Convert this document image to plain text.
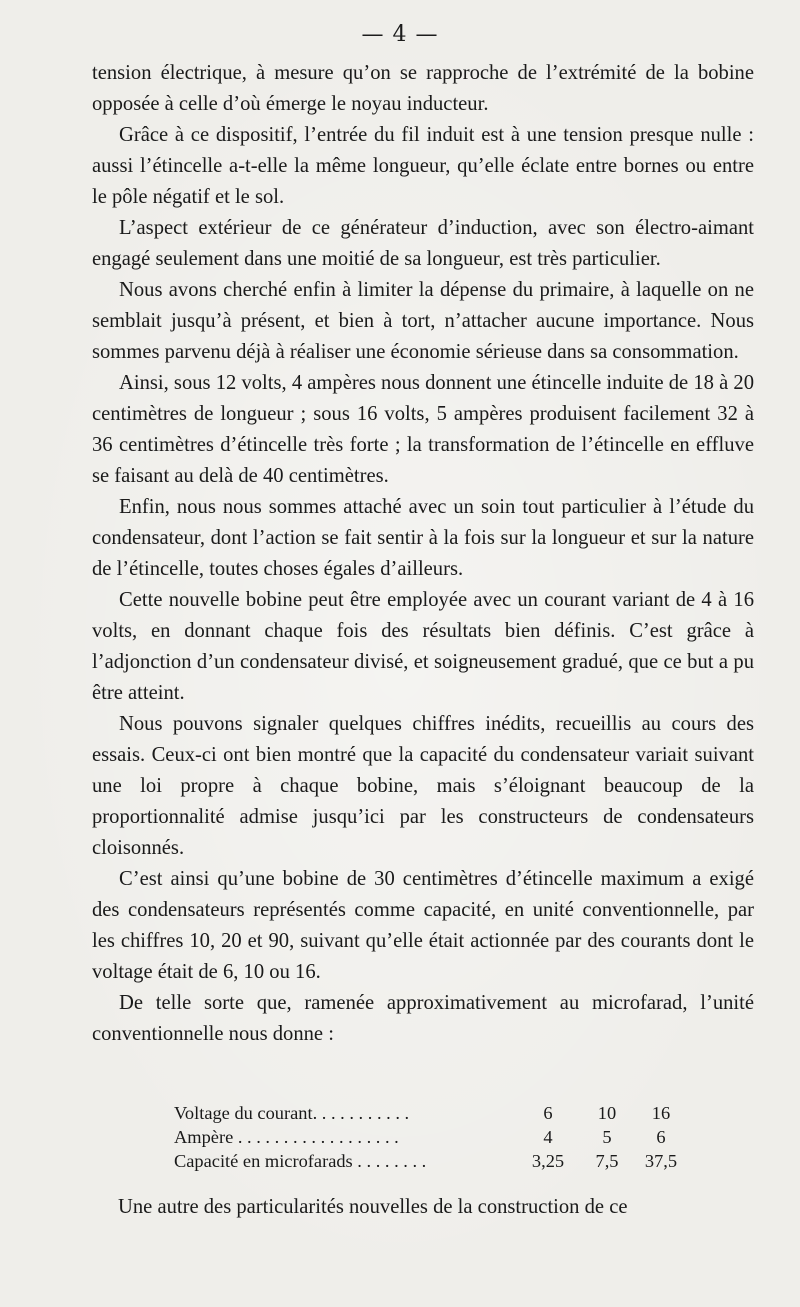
— 4 —

tension électrique, à mesure qu’on se rapproche de l’extrémité de la bobine opposée à celle d’où émerge le noyau inducteur.

Grâce à ce dispositif, l’entrée du fil induit est à une tension presque nulle : aussi l’étincelle a-t-elle la même longueur, qu’elle éclate entre bornes ou entre le pôle négatif et le sol.

L’aspect extérieur de ce générateur d’induction, avec son électro-aimant engagé seulement dans une moitié de sa longueur, est très particulier.

Nous avons cherché enfin à limiter la dépense du primaire, à laquelle on ne semblait jusqu’à présent, et bien à tort, n’attacher aucune importance. Nous sommes parvenu déjà à réaliser une économie sérieuse dans sa consommation.

Ainsi, sous 12 volts, 4 ampères nous donnent une étincelle induite de 18 à 20 centimètres de longueur ; sous 16 volts, 5 ampères produisent facilement 32 à 36 centimètres d’étincelle très forte ; la transformation de l’étincelle en effluve se faisant au delà de 40 centimètres.

Enfin, nous nous sommes attaché avec un soin tout particulier à l’étude du condensateur, dont l’action se fait sentir à la fois sur la longueur et sur la nature de l’étincelle, toutes choses égales d’ailleurs.

Cette nouvelle bobine peut être employée avec un courant variant de 4 à 16 volts, en donnant chaque fois des résultats bien définis. C’est grâce à l’adjonction d’un condensateur divisé, et soigneusement gradué, que ce but a pu être atteint.

Nous pouvons signaler quelques chiffres inédits, recueillis au cours des essais. Ceux-ci ont bien montré que la capacité du condensateur variait suivant une loi propre à chaque bobine, mais s’éloignant beaucoup de la proportionnalité admise jusqu’ici par les constructeurs de condensateurs cloisonnés.

C’est ainsi qu’une bobine de 30 centimètres d’étincelle maximum a exigé des condensateurs représentés comme capacité, en unité conventionnelle, par les chiffres 10, 20 et 90, suivant qu’elle était actionnée par des courants dont le voltage était de 6, 10 ou 16.

De telle sorte que, ramenée approximativement au microfarad, l’unité conventionnelle nous donne :

Voltage du courant. . . . . . . . . . .	6	10	16
Ampère . . . . . . . . . . . . . . . . . .	4	5	6
Capacité en microfarads . . . . . . . .	3,25	7,5	37,5
Une autre des particularités nouvelles de la construction de ce
